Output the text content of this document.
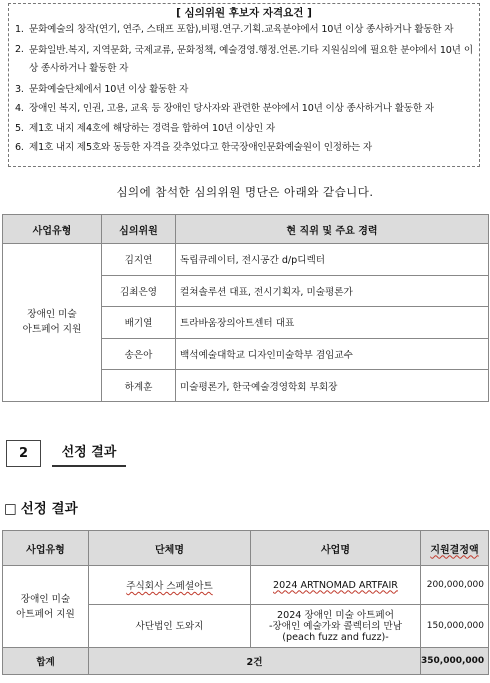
[ 심의위원 후보자 자격요건 ]
1. 문화예술의 창작(연기, 연주, 스태프 포함),비평.연구.기획.교육분야에서 10년 이상 종사하거나 활동한 자
2. 문화일반.복지, 지역문화, 국제교류, 문화정책, 예술경영.행정.언론.기타 지원심의에 필요한 분야에서 10년 이상 종사하거나 활동한 자
3. 문화예술단체에서 10년 이상 활동한 자
4. 장애인 복지, 인권, 고용, 교육 등 장애인 당사자와 관련한 분야에서 10년 이상 종사하거나 활동한 자
5. 제1호 내지 제4호에 해당하는 경력을 합하여 10년 이상인 자
6. 제1호 내지 제5호와 동등한 자격을 갖추었다고 한국장애인문화예술원이 인정하는 자
심의에 참석한 심의위원 명단은 아래와 같습니다.
사업유형	심의위원	현 직위 및 주요 경력
장애인 미술
아트페어 지원	김지연	독립큐레이터, 전시공간 d/p디렉터
	김최은영	컬쳐솔루션 대표, 전시기획자, 미술평론가
	배기열	트라바움장의아트센터 대표
	송은아	백석예술대학교 디자인미술학부 겸임교수
	하계훈	미술평론가, 한국예술경영학회 부회장
2	선정 결과
□ 선정 결과
사업유형	단체명	사업명	지원결정액
장애인 미술
아트페어 지원	주식회사 스페셜아트	2024 ARTNOMAD ARTFAIR	200,000,000
	사단법인 도와지	2024 장애인 미술 아트페어
-장애인 예술가와 콜렉터의 만남
(peach fuzz and fuzz)-	150,000,000
합계	2건		350,000,000
